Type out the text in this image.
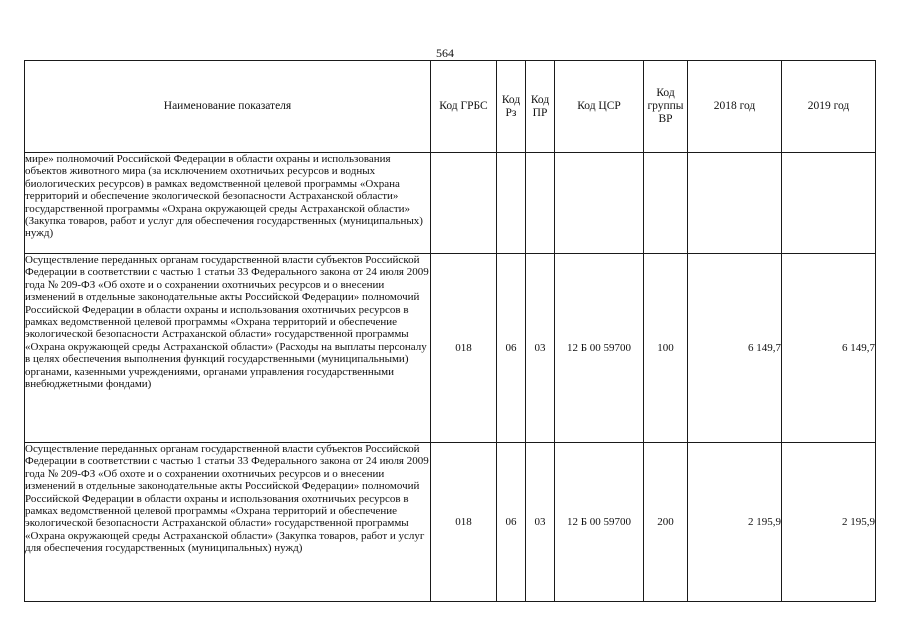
564
Наименование показателя	Код ГРБС	Код Рз	Код ПР	Код ЦСР	Код группы ВР	2018 год	2019 год
мире» полномочий Российской Федерации в области охраны и использования объектов животного мира (за исключением охотничьих ресурсов и водных биологических ресурсов) в рамках ведомственной целевой программы «Охрана территорий и обеспечение экологической безопасности Астраханской области» государственной программы «Охрана окружающей среды Астраханской области» (Закупка товаров, работ и услуг для обеспечения государственных (муниципальных) нужд)							
Осуществление переданных органам государственной власти субъектов Российской Федерации в соответствии с частью 1 статьи 33 Федерального закона от 24 июля 2009 года № 209-ФЗ «Об охоте и о сохранении охотничьих ресурсов и о внесении изменений в отдельные законодательные акты Российской Федерации» полномочий Российской Федерации в области охраны и использования охотничьих ресурсов в рамках ведомственной целевой программы «Охрана территорий и обеспечение экологической безопасности Астраханской области» государственной программы «Охрана окружающей среды Астраханской области» (Расходы на выплаты персоналу в целях обеспечения выполнения функций государственными (муниципальными) органами, казенными учреждениями, органами управления государственными внебюджетными фондами)	018	06	03	12 Б 00 59700	100	6 149,7	6 149,7
Осуществление переданных органам государственной власти субъектов Российской Федерации в соответствии с частью 1 статьи 33 Федерального закона от 24 июля 2009 года № 209-ФЗ «Об охоте и о сохранении охотничьих ресурсов и о внесении изменений в отдельные законодательные акты Российской Федерации» полномочий Российской Федерации в области охраны и использования охотничьих ресурсов в рамках ведомственной целевой программы «Охрана территорий и обеспечение экологической безопасности Астраханской области» государственной программы «Охрана окружающей среды Астраханской области» (Закупка товаров, работ и услуг для обеспечения государственных (муниципальных) нужд)	018	06	03	12 Б 00 59700	200	2 195,9	2 195,9
